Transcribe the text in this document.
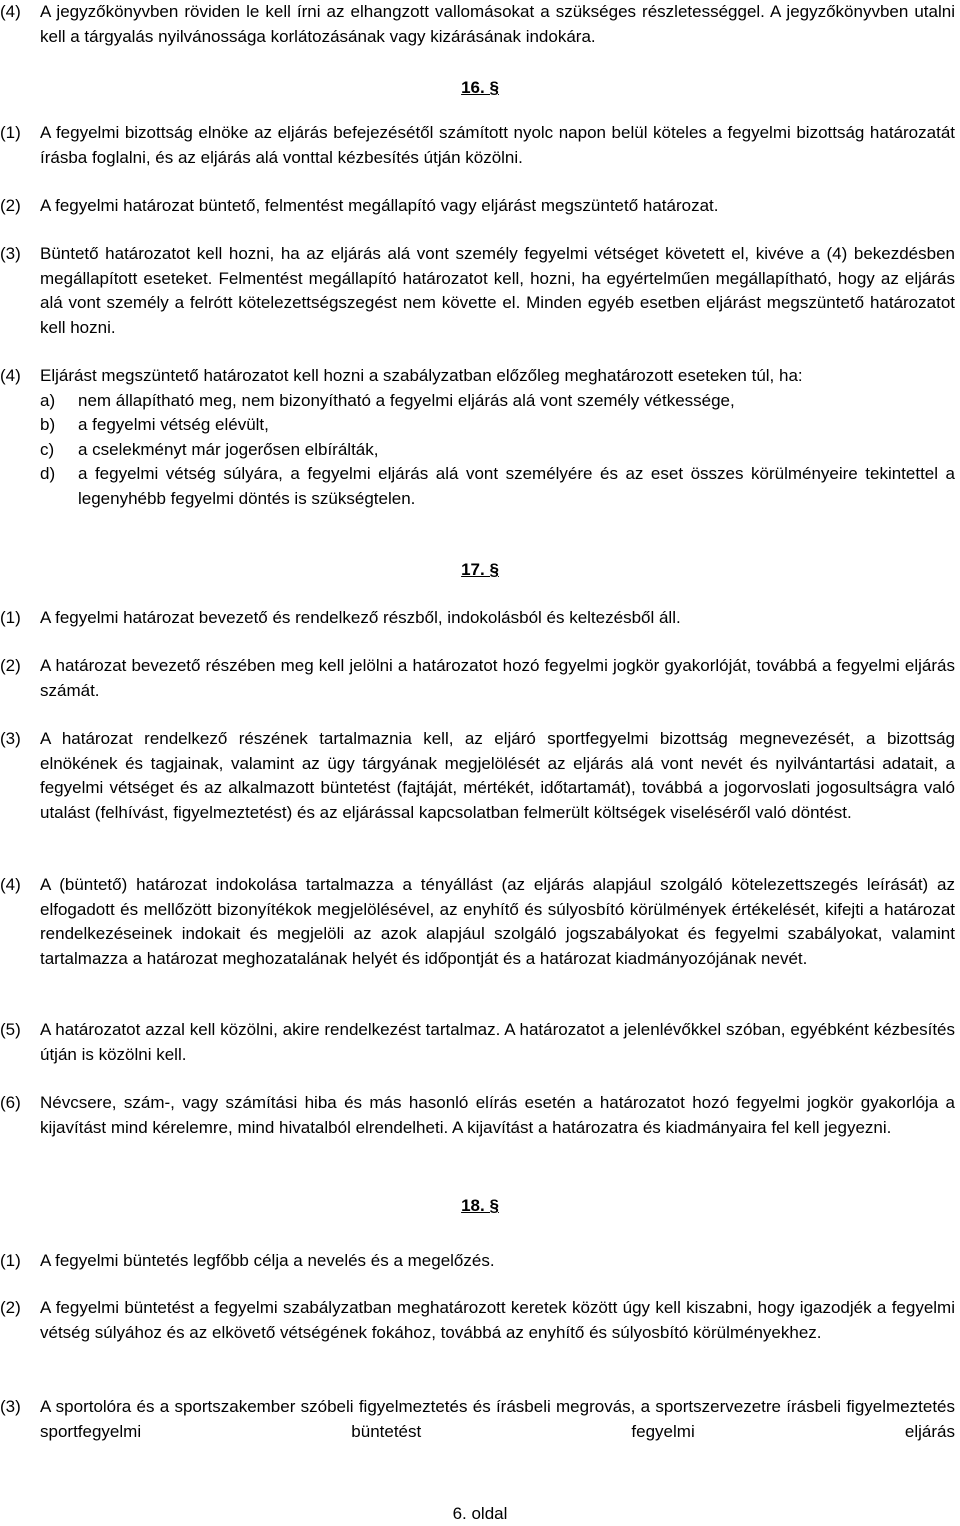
(4) A jegyzőkönyvben röviden le kell írni az elhangzott vallomásokat a szükséges részletességgel. A jegyzőkönyvben utalni kell a tárgyalás nyilvánossága korlátozásának vagy kizárásának indokára.

16. §

(1) A fegyelmi bizottság elnöke az eljárás befejezésétől számított nyolc napon belül köteles a fegyelmi bizottság határozatát írásba foglalni, és az eljárás alá vonttal kézbesítés útján közölni.

(2) A fegyelmi határozat büntető, felmentést megállapító vagy eljárást megszüntető határozat.

(3) Büntető határozatot kell hozni, ha az eljárás alá vont személy fegyelmi vétséget követett el, kivéve a (4) bekezdésben megállapított eseteket. Felmentést megállapító határozatot kell, hozni, ha egyértelműen megállapítható, hogy az eljárás alá vont személy a felrótt kötelezettségszegést nem követte el. Minden egyéb esetben eljárást megszüntető határozatot kell hozni.

(4) Eljárást megszüntető határozatot kell hozni a szabályzatban előzőleg meghatározott eseteken túl, ha:

a) nem állapítható meg, nem bizonyítható a fegyelmi eljárás alá vont személy vétkessége,
b) a fegyelmi vétség elévült,
c) a cselekményt már jogerősen elbírálták,
d) a fegyelmi vétség súlyára, a fegyelmi eljárás alá vont személyére és az eset összes körülményeire tekintettel a legenyhébb fegyelmi döntés is szükségtelen.
17. §

(1) A fegyelmi határozat bevezető és rendelkező részből, indokolásból és keltezésből áll.

(2) A határozat bevezető részében meg kell jelölni a határozatot hozó fegyelmi jogkör gyakorlóját, továbbá a fegyelmi eljárás számát.

(3) A határozat rendelkező részének tartalmaznia kell, az eljáró sportfegyelmi bizottság megnevezését, a bizottság elnökének és tagjainak, valamint az ügy tárgyának megjelölését az eljárás alá vont nevét és nyilvántartási adatait, a fegyelmi vétséget és az alkalmazott büntetést (fajtáját, mértékét, időtartamát), továbbá a jogorvoslati jogosultságra való utalást (felhívást, figyelmeztetést) és az eljárással kapcsolatban felmerült költségek viseléséről való döntést.

(4) A (büntető) határozat indokolása tartalmazza a tényállást (az eljárás alapjául szolgáló kötelezettszegés leírását) az elfogadott és mellőzött bizonyítékok megjelölésével, az enyhítő és súlyosbító körülmények értékelését, kifejti a határozat rendelkezéseinek indokait és megjelöli az azok alapjául szolgáló jogszabályokat és fegyelmi szabályokat, valamint tartalmazza a határozat meghozatalának helyét és időpontját és a határozat kiadmányozójának nevét.

(5) A határozatot azzal kell közölni, akire rendelkezést tartalmaz. A határozatot a jelenlévőkkel szóban, egyébként kézbesítés útján is közölni kell.

(6) Névcsere, szám-, vagy számítási hiba és más hasonló elírás esetén a határozatot hozó fegyelmi jogkör gyakorlója a kijavítást mind kérelemre, mind hivatalból elrendelheti. A kijavítást a határozatra és kiadmányaira fel kell jegyezni.

18. §

(1) A fegyelmi büntetés legfőbb célja a nevelés és a megelőzés.

(2) A fegyelmi büntetést a fegyelmi szabályzatban meghatározott keretek között úgy kell kiszabni, hogy igazodjék a fegyelmi vétség súlyához és az elkövető vétségének fokához, továbbá az enyhítő és súlyosbító körülményekhez.

(3) A sportolóra és a sportszakember szóbeli figyelmeztetés és írásbeli megrovás, a sportszervezetre írásbeli figyelmeztetés sportfegyelmi büntetést fegyelmi eljárás

6. oldal
